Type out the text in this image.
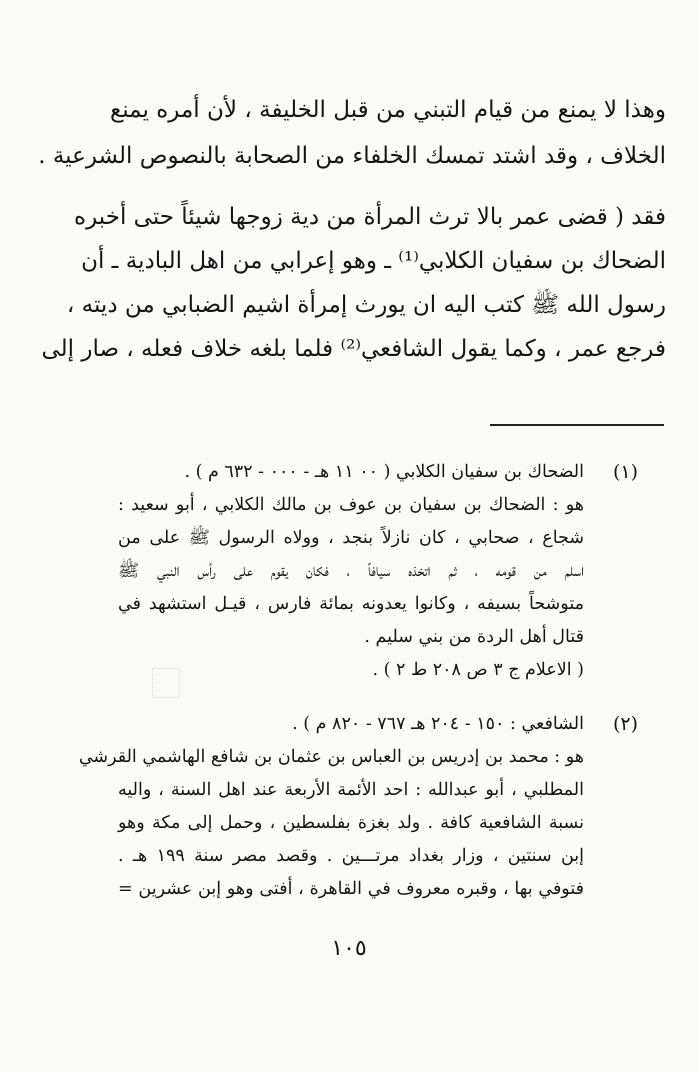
وهذا لا يمنع من قيام التبني من قبل الخليفة ، لأن أمره يمنع
الخلاف ، وقد اشتد تمسك الخلفاء من الصحابة بالنصوص الشرعية .
فقد ( قضى عمر بالا ترث المرأة من دية زوجها شيئاً حتى أخبره
الضحاك بن سفيان الكلابي⁽¹⁾ ـ وهو إعرابي من اهل البادية ـ أن
رسول الله ﷺ كتب اليه ان يورث إمرأة اشيم الضبابي من ديته ،
فرجع عمر ، وكما يقول الشافعي⁽²⁾ فلما بلغه خلاف فعله ، صار إلى
(١)
الضحاك بن سفيان الكلابي ( ٠٠ ١١ هـ - ٠٠٠ - ٦٣٢ م ) .
هو : الضحاك بن سفيان بن عوف بن مالك الكلابي ، أبو سعيد :
شجاع ، صحابي ، كان نازلاً بنجد ، وولاه الرسول ﷺ على من
اسلم من قومه ، ثم اتخذه سيافاً ، فكان يقوم على رأس النبي ﷺ
متوشحاً بسيفه ، وكانوا يعدونه بمائة فارس ، قيـل استشهد في
قتال أهل الردة من بني سليم .
( الاعلام ج ٣ ص ٢٠٨ ط ٢ ) .
(٢)
الشافعي : ١٥٠ - ٢٠٤ هـ ٧٦٧ - ٨٢٠ م ) .
هو : محمد بن إدريس بن العباس بن عثمان بن شافع الهاشمي القرشي
المطلبي ، أبو عبدالله : احد الأئمة الأربعة عند اهل السنة ، واليه
نسبة الشافعية كافة . ولد بغزة بفلسطين ، وحمل إلى مكة وهو
إبن سنتين ، وزار بغداد مرتـــين . وقصد مصر سنة ١٩٩ هـ .
فتوفي بها ، وقبره معروف في القاهرة ، أفتى وهو إبن عشرين =
١٠٥
